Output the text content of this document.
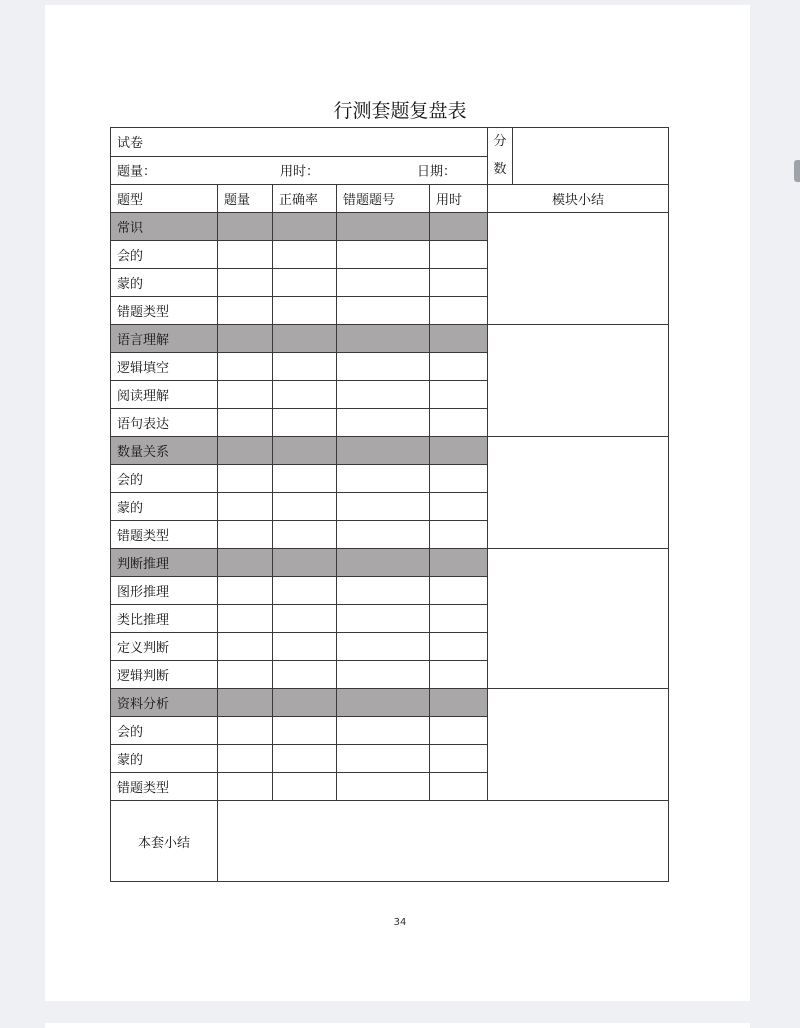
行测套题复盘表
试卷					分
数	

题量： 用时： 日期：						

题型	题量	正确率	错题题号	用时	模块小结	
常识						
会的						
蒙的						
错题类型						
语言理解						
逻辑填空						
阅读理解						
语句表达						
数量关系						
会的						
蒙的						
错题类型						
判断推理						
图形推理						
类比推理						
定义判断						
逻辑判断						
资料分析						
会的						
蒙的						
错题类型						
本套小结						
34
